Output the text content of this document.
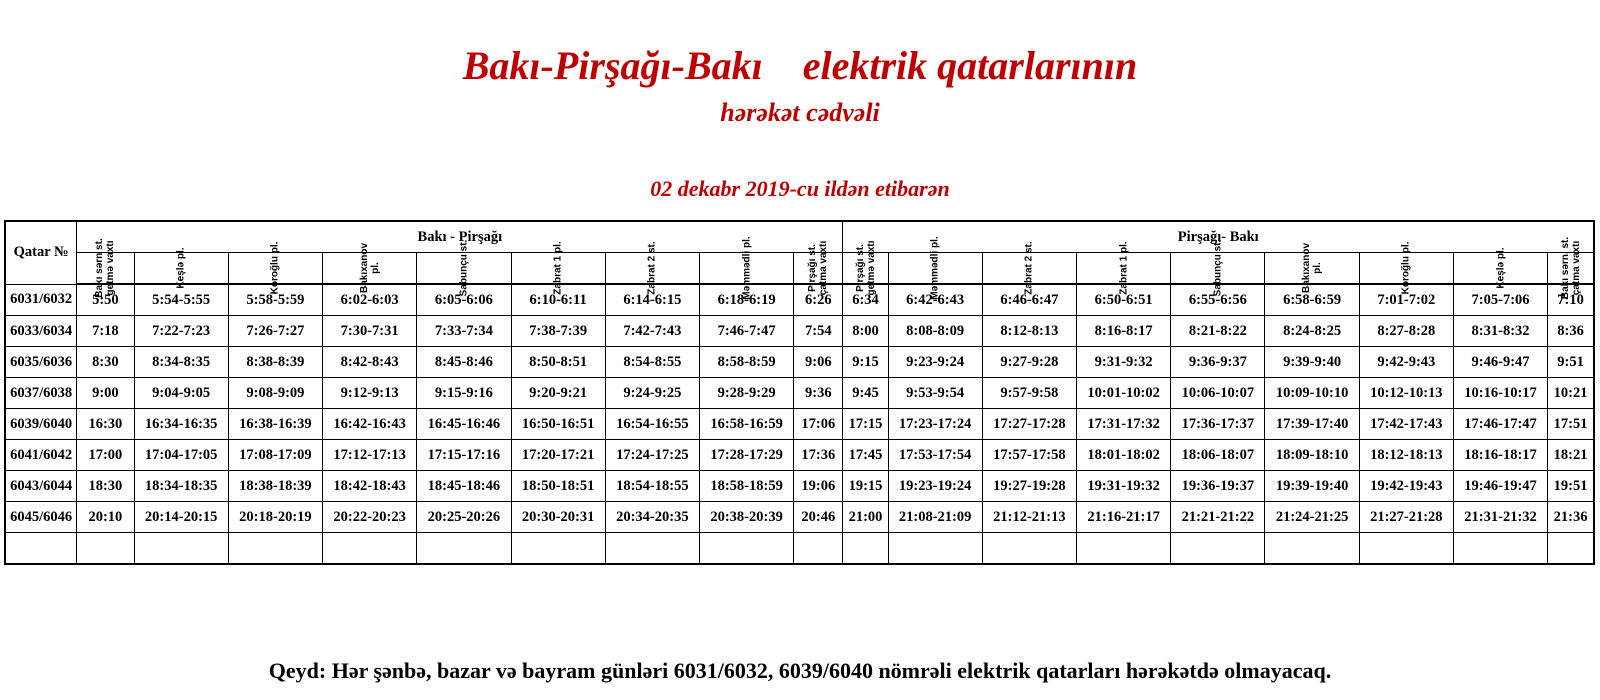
Bakı-Pirşağı-Bakı    elektrik qatarlarının
hərəkət cədvəli
02 dekabr 2019-cu ildən etibarən
Qatar №	Bakı - Pirşağı									Pirşağı- Bakı								

	Bakı sərn st. getmə vaxtı	Keşlə pl.	Koroğlu pl.	Bakıxanov pl.	Sabunçu st.	Zabrat 1 pl.	Zabrat 2 st.	Məmmədli pl.	Pirşağı st. çatma vaxtı	Pirşağı st. getmə vaxtı	Məmmədli pl.	Zabrat 2 st.	Zabrat 1 pl.	Sabunçu st.	Bakıxanov pl.	Koroğlu pl.	Keşlə pl.	Bakı sərn. st. çatma vaxtı

6031/6032	5:50	5:54-5:55	5:58-5:59	6:02-6:03	6:05-6:06	6:10-6:11	6:14-6:15	6:18-6:19	6:26	6:34	6:42-6:43	6:46-6:47	6:50-6:51	6:55-6:56	6:58-6:59	7:01-7:02	7:05-7:06	7:10
6033/6034	7:18	7:22-7:23	7:26-7:27	7:30-7:31	7:33-7:34	7:38-7:39	7:42-7:43	7:46-7:47	7:54	8:00	8:08-8:09	8:12-8:13	8:16-8:17	8:21-8:22	8:24-8:25	8:27-8:28	8:31-8:32	8:36
6035/6036	8:30	8:34-8:35	8:38-8:39	8:42-8:43	8:45-8:46	8:50-8:51	8:54-8:55	8:58-8:59	9:06	9:15	9:23-9:24	9:27-9:28	9:31-9:32	9:36-9:37	9:39-9:40	9:42-9:43	9:46-9:47	9:51
6037/6038	9:00	9:04-9:05	9:08-9:09	9:12-9:13	9:15-9:16	9:20-9:21	9:24-9:25	9:28-9:29	9:36	9:45	9:53-9:54	9:57-9:58	10:01-10:02	10:06-10:07	10:09-10:10	10:12-10:13	10:16-10:17	10:21
6039/6040	16:30	16:34-16:35	16:38-16:39	16:42-16:43	16:45-16:46	16:50-16:51	16:54-16:55	16:58-16:59	17:06	17:15	17:23-17:24	17:27-17:28	17:31-17:32	17:36-17:37	17:39-17:40	17:42-17:43	17:46-17:47	17:51
6041/6042	17:00	17:04-17:05	17:08-17:09	17:12-17:13	17:15-17:16	17:20-17:21	17:24-17:25	17:28-17:29	17:36	17:45	17:53-17:54	17:57-17:58	18:01-18:02	18:06-18:07	18:09-18:10	18:12-18:13	18:16-18:17	18:21
6043/6044	18:30	18:34-18:35	18:38-18:39	18:42-18:43	18:45-18:46	18:50-18:51	18:54-18:55	18:58-18:59	19:06	19:15	19:23-19:24	19:27-19:28	19:31-19:32	19:36-19:37	19:39-19:40	19:42-19:43	19:46-19:47	19:51
6045/6046	20:10	20:14-20:15	20:18-20:19	20:22-20:23	20:25-20:26	20:30-20:31	20:34-20:35	20:38-20:39	20:46	21:00	21:08-21:09	21:12-21:13	21:16-21:17	21:21-21:22	21:24-21:25	21:27-21:28	21:31-21:32	21:36

Qeyd: Hər şənbə, bazar və bayram günləri 6031/6032, 6039/6040 nömrəli elektrik qatarları hərəkətdə olmayacaq.
